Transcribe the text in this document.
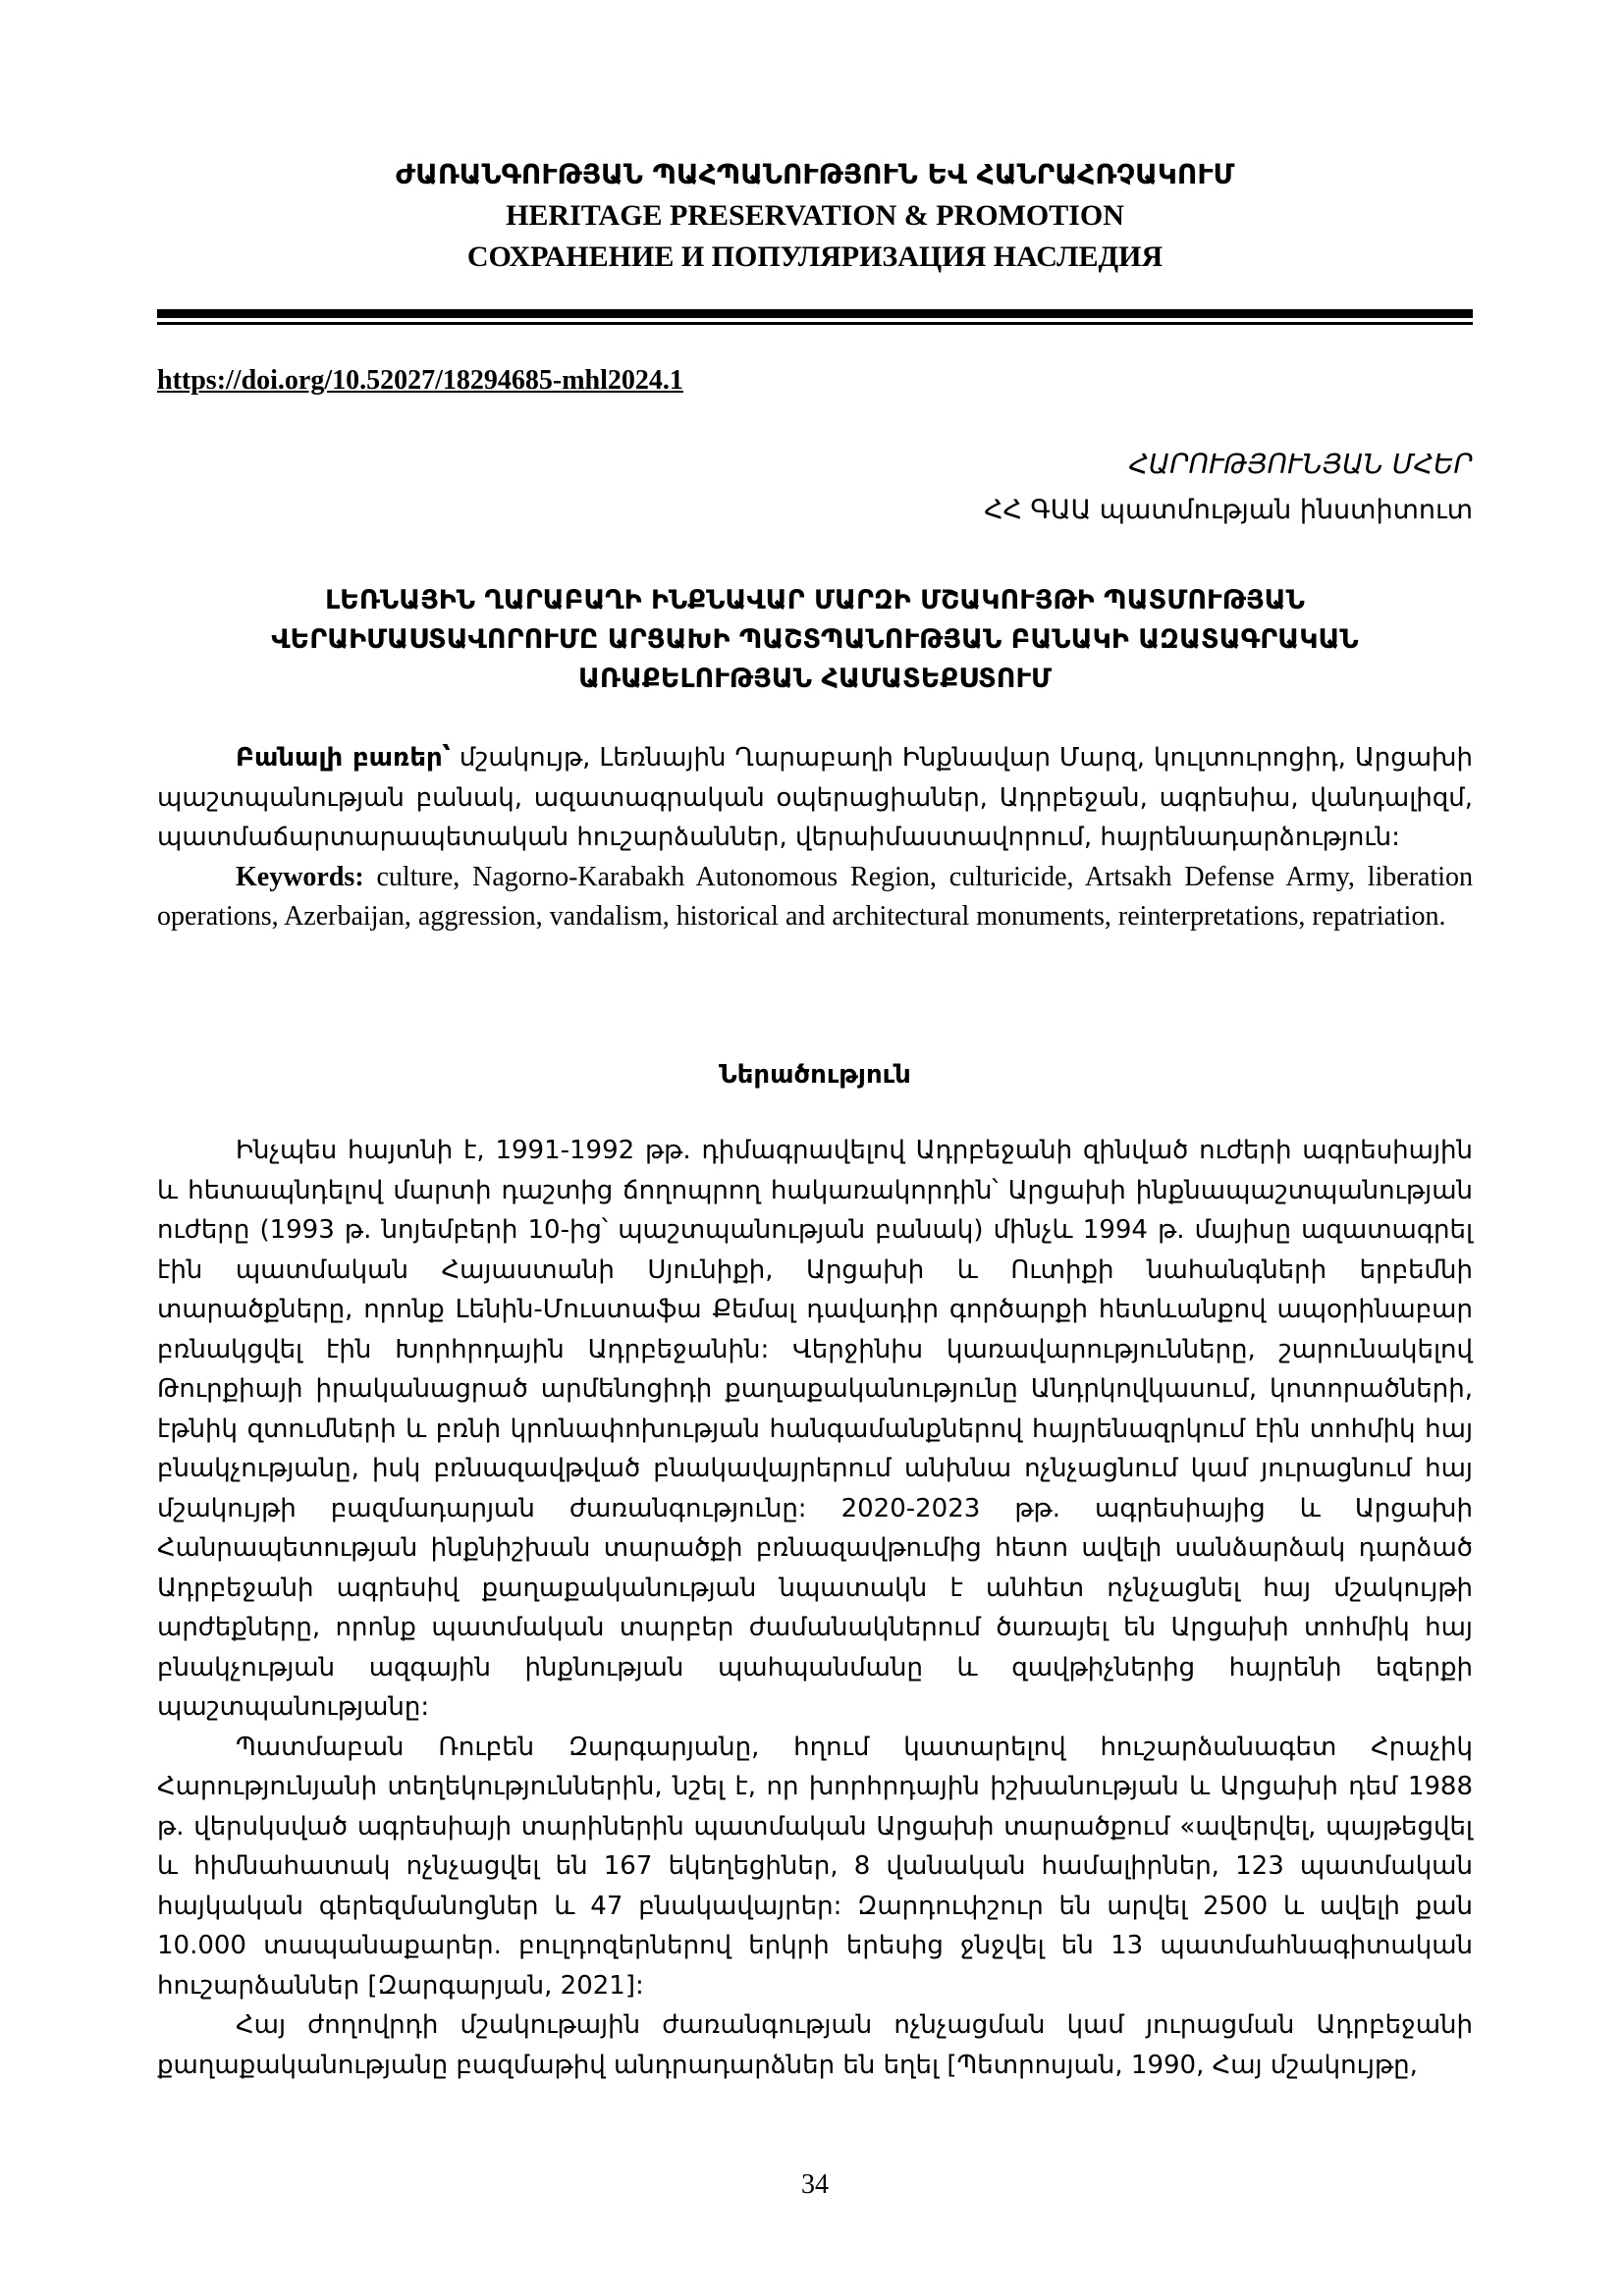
ԺԱՌԱՆԳՈՒԹՅԱՆ ՊԱՀՊԱՆՈՒԹՅՈՒՆ ԵՎ ՀԱՆՐԱՀՌՉԱԿՈՒՄ
HERITAGE PRESERVATION & PROMOTION
СОХРАНЕНИЕ И ПОПУЛЯРИЗАЦИЯ НАСЛЕДИЯ
https://doi.org/10.52027/18294685-mhl2024.1
ՀԱՐՈՒԹՅՈՒՆՅԱՆ ՄՀԵՐ
ՀՀ ԳԱԱ պատմության ինստիտուտ
ԼԵՌՆԱՅԻՆ ՂԱՐԱԲԱՂԻ ԻՆՔՆԱՎԱՐ ՄԱՐԶԻ ՄՇԱԿՈՒՅԹԻ ՊԱՏՄՈՒԹՅԱՆ
ՎԵՐԱԻՄԱՍՏԱՎՈՐՈՒՄԸ ԱՐՑԱԽԻ ՊԱՇՏՊԱՆՈՒԹՅԱՆ ԲԱՆԱԿԻ ԱԶԱՏԱԳՐԱԿԱՆ
ԱՌԱՔԵԼՈՒԹՅԱՆ ՀԱՄԱՏԵՔՍՏՈՒՄ

Բանալի բառեր՝ մշակույթ, Լեռնային Ղարաբաղի Ինքնավար Մարզ, կուլտուրոցիդ, Արցախի պաշտպանության բանակ, ազատագրական օպերացիաներ, Ադրբեջան, ագրեսիա, վանդալիզմ, պատմաճարտարապետական հուշարձաններ, վերաիմաստավորում, հայրենադարձություն:

Keywords: culture, Nagorno-Karabakh Autonomous Region, culturicide, Artsakh Defense Army, liberation operations, Azerbaijan, aggression, vandalism, historical and architectural monuments, reinterpretations, repatriation.

Ներածություն

Ինչպես հայտնի է, 1991-1992 թթ. դիմագրավելով Ադրբեջանի զինված ուժերի ագրեսիային և հետապնդելով մարտի դաշտից ճողոպրող հակառակորդին՝ Արցախի ինքնապաշտպանության ուժերը (1993 թ. նոյեմբերի 10-ից՝ պաշտպանության բանակ) մինչև 1994 թ. մայիսը ազատագրել էին պատմական Հայաստանի Սյունիքի, Արցախի և Ուտիքի նահանգների երբեմնի տարածքները, որոնք Լենին-Մուստաֆա Քեմալ դավադիր գործարքի հետևանքով ապօրինաբար բռնակցվել էին Խորհրդային Ադրբեջանին: Վերջինիս կառավարությունները, շարունակելով Թուրքիայի իրականացրած արմենոցիդի քաղաքականությունը Անդրկովկասում, կոտորածների, էթնիկ զտումների և բռնի կրոնափոխության հանգամանքներով հայրենազրկում էին տոհմիկ հայ բնակչությանը, իսկ բռնազավթված բնակավայրերում անխնա ոչնչացնում կամ յուրացնում հայ մշակույթի բազմադարյան ժառանգությունը: 2020-2023 թթ. ագրեսիայից և Արցախի Հանրապետության ինքնիշխան տարածքի բռնազավթումից հետո ավելի սանձարձակ դարձած Ադրբեջանի ագրեսիվ քաղաքականության նպատակն է անհետ ոչնչացնել հայ մշակույթի արժեքները, որոնք պատմական տարբեր ժամանակներում ծառայել են Արցախի տոհմիկ հայ բնակչության ազգային ինքնության պահպանմանը և զավթիչներից հայրենի եզերքի պաշտպանությանը:

Պատմաբան Ռուբեն Զարգարյանը, հղում կատարելով հուշարձանագետ Հրաչիկ Հարությունյանի տեղեկություններին, նշել է, որ խորհրդային իշխանության և Արցախի դեմ 1988 թ. վերսկսված ագրեսիայի տարիներին պատմական Արցախի տարածքում «ավերվել, պայթեցվել և հիմնահատակ ոչնչացվել են 167 եկեղեցիներ, 8 վանական համալիրներ, 123 պատմական հայկական գերեզմանոցներ և 47 բնակավայրեր: Զարդուփշուր են արվել 2500 և ավելի քան 10.000 տապանաքարեր. բուլդոզերներով երկրի երեսից ջնջվել են 13 պատմահնագիտական հուշարձաններ [Զարգարյան, 2021]:

Հայ ժողովրդի մշակութային ժառանգության ոչնչացման կամ յուրացման Ադրբեջանի քաղաքականությանը բազմաթիվ անդրադարձներ են եղել [Պետրոսյան, 1990, Հայ մշակույթը,

34
